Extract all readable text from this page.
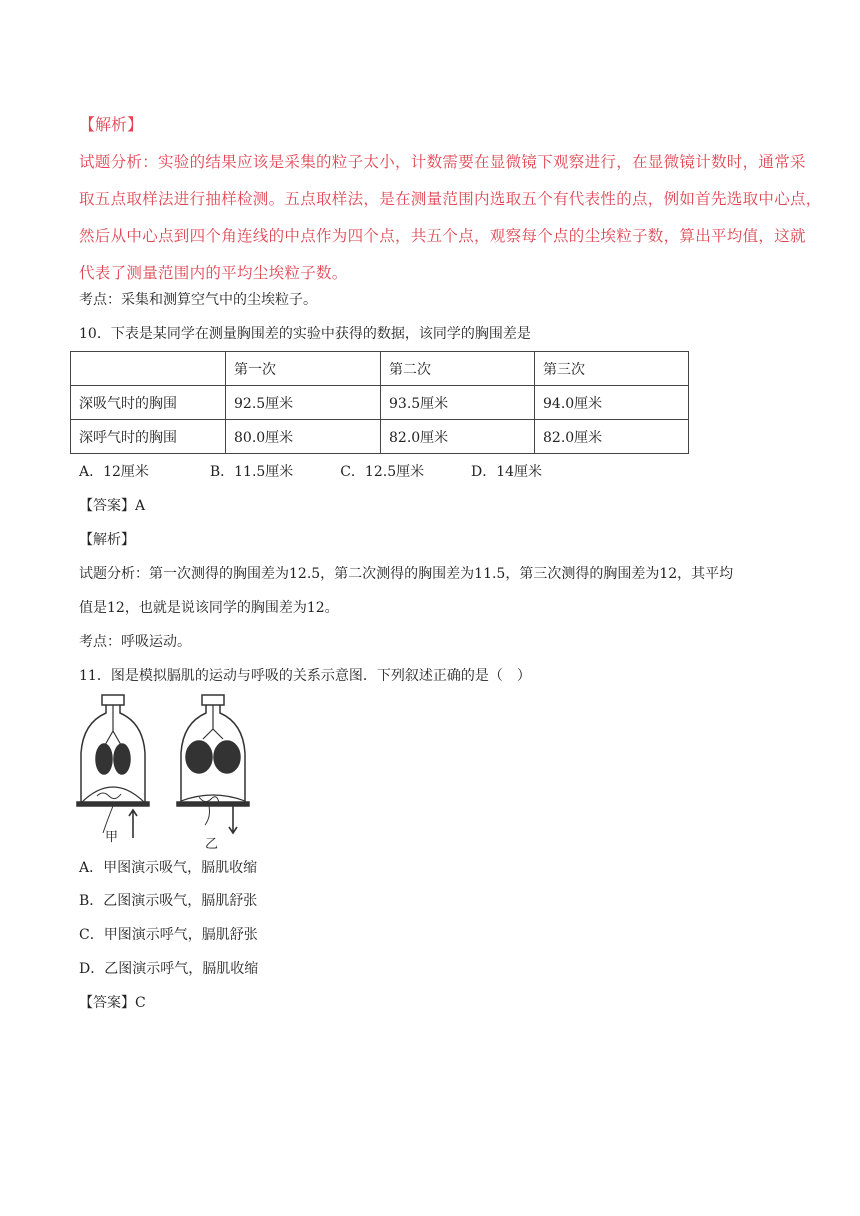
【解析】
试题分析：实验的结果应该是采集的粒子太小，计数需要在显微镜下观察进行，在显微镜计数时，通常采
取五点取样法进行抽样检测。五点取样法，是在测量范围内选取五个有代表性的点，例如首先选取中心点，
然后从中心点到四个角连线的中点作为四个点，共五个点，观察每个点的尘埃粒子数，算出平均值，这就
代表了测量范围内的平均尘埃粒子数。
考点：采集和测算空气中的尘埃粒子。
10．下表是某同学在测量胸围差的实验中获得的数据，该同学的胸围差是
	第一次	第二次	第三次
深吸气时的胸围	92.5厘米	93.5厘米	94.0厘米
深呼气时的胸围	80.0厘米	82.0厘米	82.0厘米
A．12厘米	B．11.5厘米	C．12.5厘米	D．14厘米
【答案】A
【解析】
试题分析：第一次测得的胸围差为12.5，第二次测得的胸围差为11.5，第三次测得的胸围差为12，其平均
值是12，也就是说该同学的胸围差为12。
考点：呼吸运动。
11．图是模拟膈肌的运动与呼吸的关系示意图．下列叙述正确的是（　）
甲	乙
A．甲图演示吸气，膈肌收缩
B．乙图演示吸气，膈肌舒张
C．甲图演示呼气，膈肌舒张
D．乙图演示呼气，膈肌收缩
【答案】C
